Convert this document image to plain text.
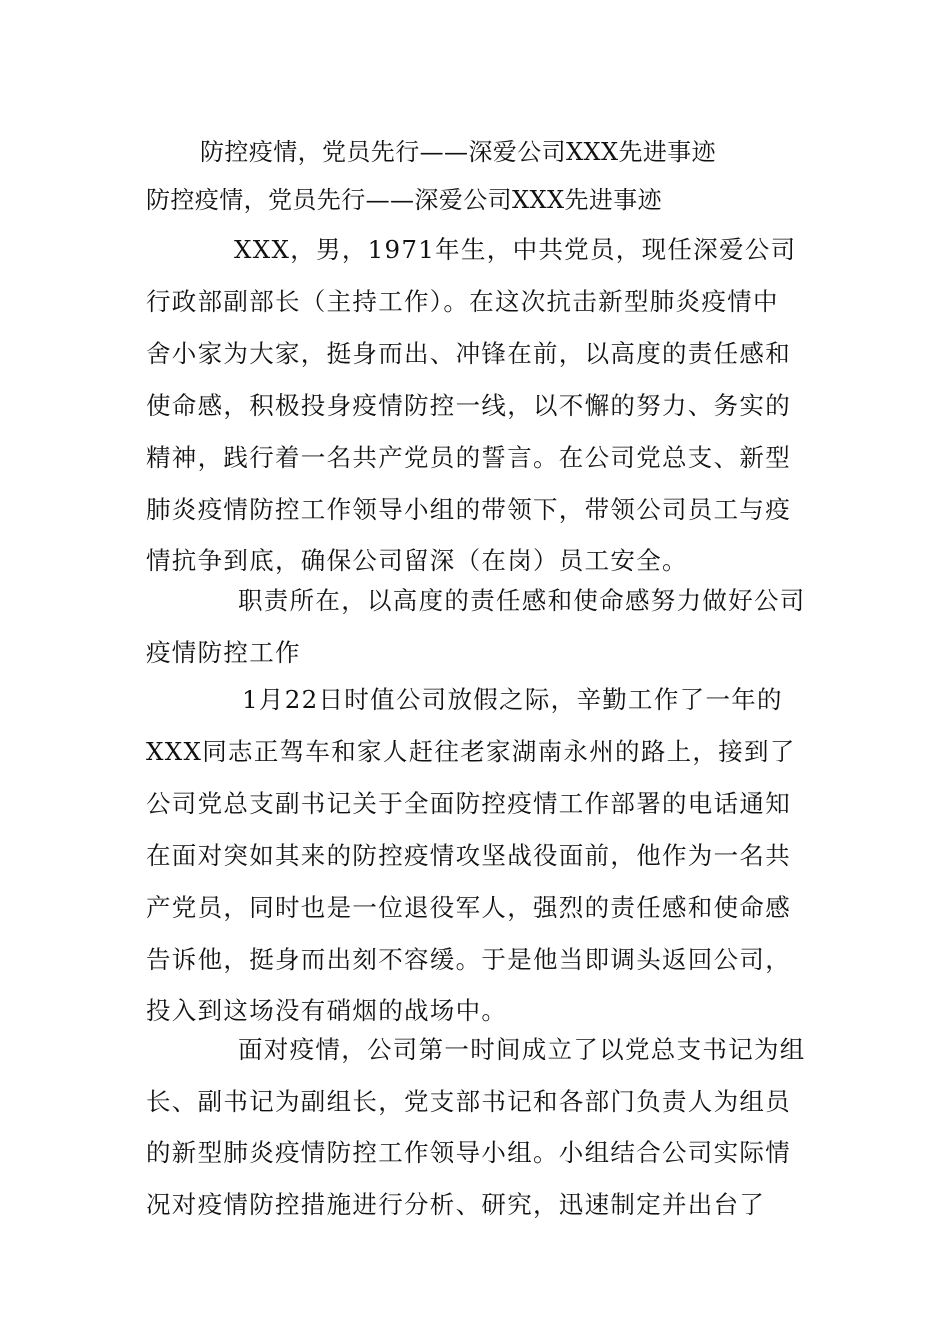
防控疫情，党员先行——深爱公司XXX先进事迹
防控疫情，党员先行——深爱公司XXX先进事迹
XXX，男，1971年生，中共党员，现任深爱公司
行政部副部长（主持工作）。在这次抗击新型肺炎疫情中
舍小家为大家，挺身而出、冲锋在前，以高度的责任感和
使命感，积极投身疫情防控一线，以不懈的努力、务实的
精神，践行着一名共产党员的誓言。在公司党总支、新型
肺炎疫情防控工作领导小组的带领下，带领公司员工与疫
情抗争到底，确保公司留深（在岗）员工安全。
职责所在，以高度的责任感和使命感努力做好公司
疫情防控工作
1月22日时值公司放假之际，辛勤工作了一年的
XXX同志正驾车和家人赶往老家湖南永州的路上，接到了
公司党总支副书记关于全面防控疫情工作部署的电话通知
在面对突如其来的防控疫情攻坚战役面前，他作为一名共
产党员，同时也是一位退役军人，强烈的责任感和使命感
告诉他，挺身而出刻不容缓。于是他当即调头返回公司，
投入到这场没有硝烟的战场中。
面对疫情，公司第一时间成立了以党总支书记为组
长、副书记为副组长，党支部书记和各部门负责人为组员
的新型肺炎疫情防控工作领导小组。小组结合公司实际情
况对疫情防控措施进行分析、研究，迅速制定并出台了
